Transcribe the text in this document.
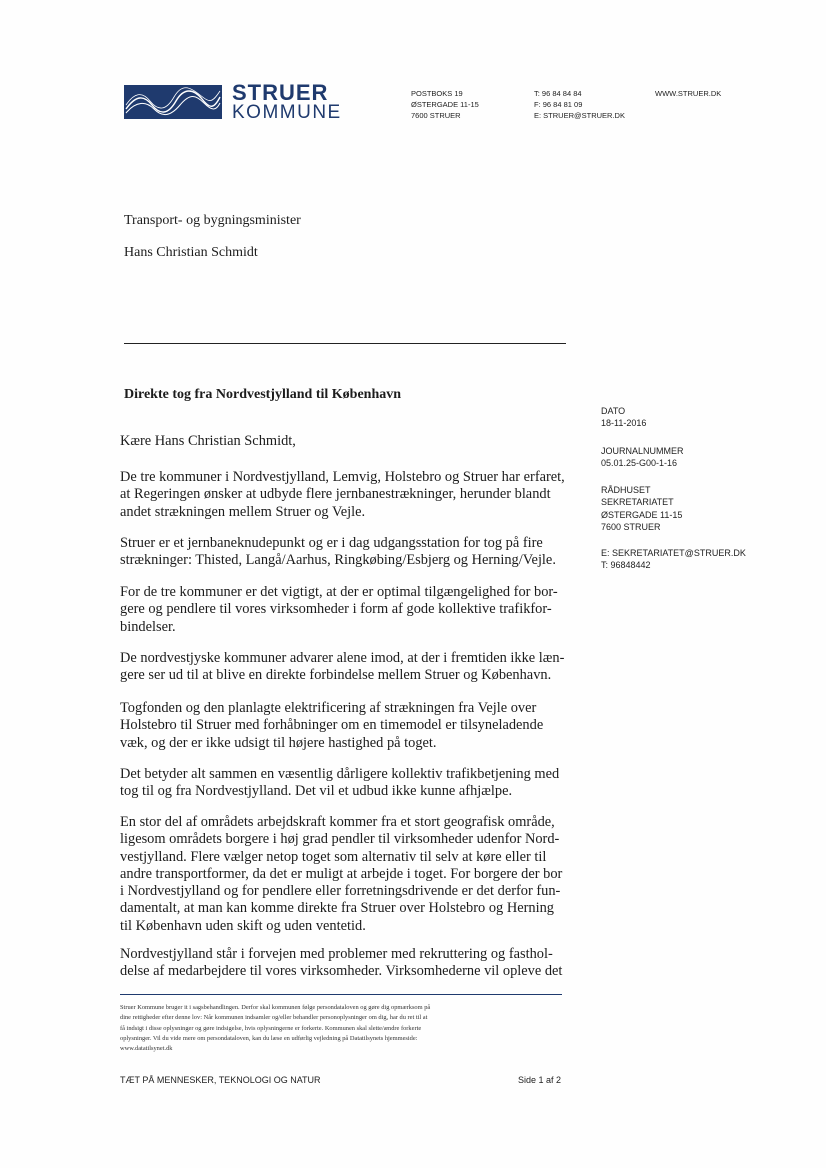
STRUER
KOMMUNE
POSTBOKS 19
ØSTERGADE 11-15
7600 STRUER
T: 96 84 84 84
F: 96 84 81 09
E: STRUER@STRUER.DK
WWW.STRUER.DK
Transport- og bygningsminister
Hans Christian Schmidt
Direkte tog fra Nordvestjylland til København
DATO
18-11-2016
JOURNALNUMMER
05.01.25-G00-1-16
RÅDHUSET
SEKRETARIATET
ØSTERGADE 11-15
7600 STRUER
E: SEKRETARIATET@STRUER.DK
T: 96848442
Kære Hans Christian Schmidt,
De tre kommuner i Nordvestjylland, Lemvig, Holstebro og Struer har erfaret,
at Regeringen ønsker at udbyde flere jernbanestrækninger, herunder blandt
andet strækningen mellem Struer og Vejle.
Struer er et jernbaneknudepunkt og er i dag udgangsstation for tog på fire
strækninger: Thisted, Langå/Aarhus, Ringkøbing/Esbjerg og Herning/Vejle.
For de tre kommuner er det vigtigt, at der er optimal tilgængelighed for bor-
gere og pendlere til vores virksomheder i form af gode kollektive trafikfor-
bindelser.
De nordvestjyske kommuner advarer alene imod, at der i fremtiden ikke læn-
gere ser ud til at blive en direkte forbindelse mellem Struer og København.
Togfonden og den planlagte elektrificering af strækningen fra Vejle over
Holstebro til Struer med forhåbninger om en timemodel er tilsyneladende
væk, og der er ikke udsigt til højere hastighed på toget.
Det betyder alt sammen en væsentlig dårligere kollektiv trafikbetjening med
tog til og fra Nordvestjylland. Det vil et udbud ikke kunne afhjælpe.
En stor del af områdets arbejdskraft kommer fra et stort geografisk område,
ligesom områdets borgere i høj grad pendler til virksomheder udenfor Nord-
vestjylland. Flere vælger netop toget som alternativ til selv at køre eller til
andre transportformer, da det er muligt at arbejde i toget. For borgere der bor
i Nordvestjylland og for pendlere eller forretningsdrivende er det derfor fun-
damentalt, at man kan komme direkte fra Struer over Holstebro og Herning
til København uden skift og uden ventetid.
Nordvestjylland står i forvejen med problemer med rekruttering og fasthol-
delse af medarbejdere til vores virksomheder. Virksomhederne vil opleve det
Struer Kommune bruger it i sagsbehandlingen. Derfor skal kommunen følge persondataloven og gøre dig opmærksom på
dine rettigheder efter denne lov: Når kommunen indsamler og/eller behandler personoplysninger om dig, har du ret til at
få indsigt i disse oplysninger og gøre indsigelse, hvis oplysningerne er forkerte. Kommunen skal slette/ændre forkerte
oplysninger. Vil du vide mere om persondataloven, kan du læse en udførlig vejledning på Datatilsynets hjemmeside:
www.datatilsynet.dk
TÆT PÅ MENNESKER, TEKNOLOGI OG NATUR	Side 1 af 2
